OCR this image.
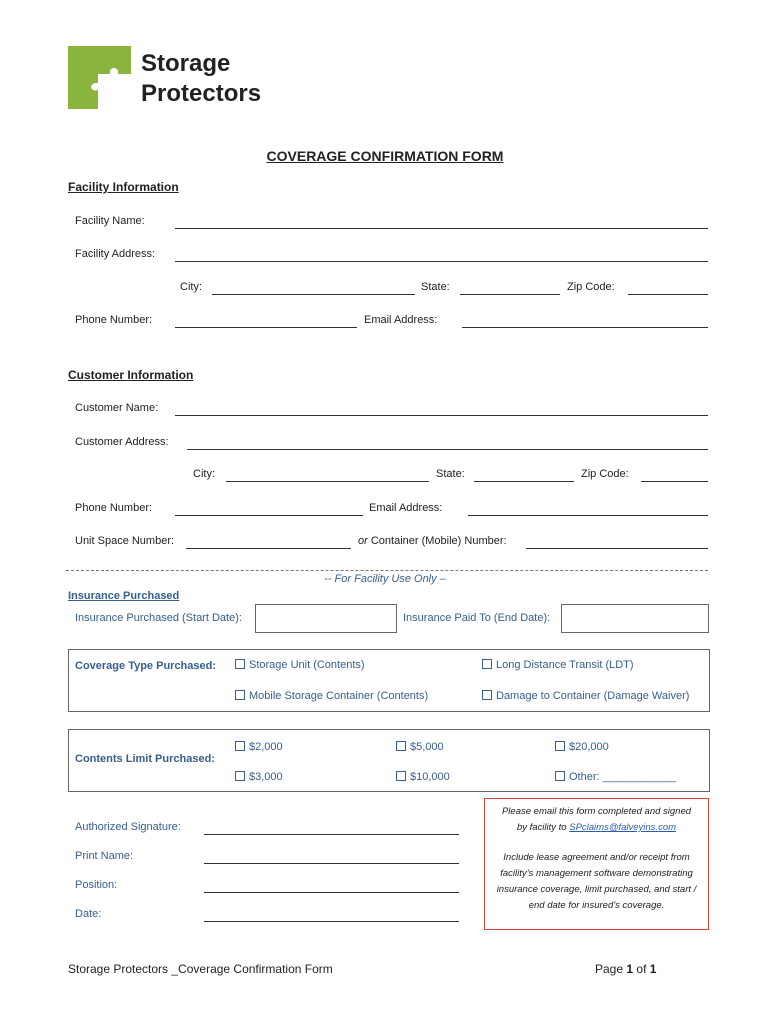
Storage
Protectors
COVERAGE CONFIRMATION FORM
Facility Information
Facility Name:
Facility Address:
City:	State:	Zip Code:
Phone Number:	Email Address:
Customer Information
Customer Name:
Customer Address:
City:	State:	Zip Code:
Phone Number:	Email Address:
Unit Space Number:	or Container (Mobile) Number:
-- For Facility Use Only –
Insurance Purchased
Insurance Purchased (Start Date):	Insurance Paid To (End Date):
Coverage Type Purchased:	Storage Unit (Contents)	Long Distance Transit (LDT)
Mobile Storage Container (Contents)	Damage to Container (Damage Waiver)
Contents Limit Purchased:
$2,000	$5,000	$20,000
$3,000	$10,000	Other: ____________
Authorized Signature:
Print Name:
Position:
Date:
Please email this form completed and signed
by facility to SPclaims@falveyins.com
Include lease agreement and/or receipt from facility’s management software demonstrating insurance coverage, limit purchased, and start / end date for insured’s coverage.
Storage Protectors _Coverage Confirmation Form	Page 1 of 1
